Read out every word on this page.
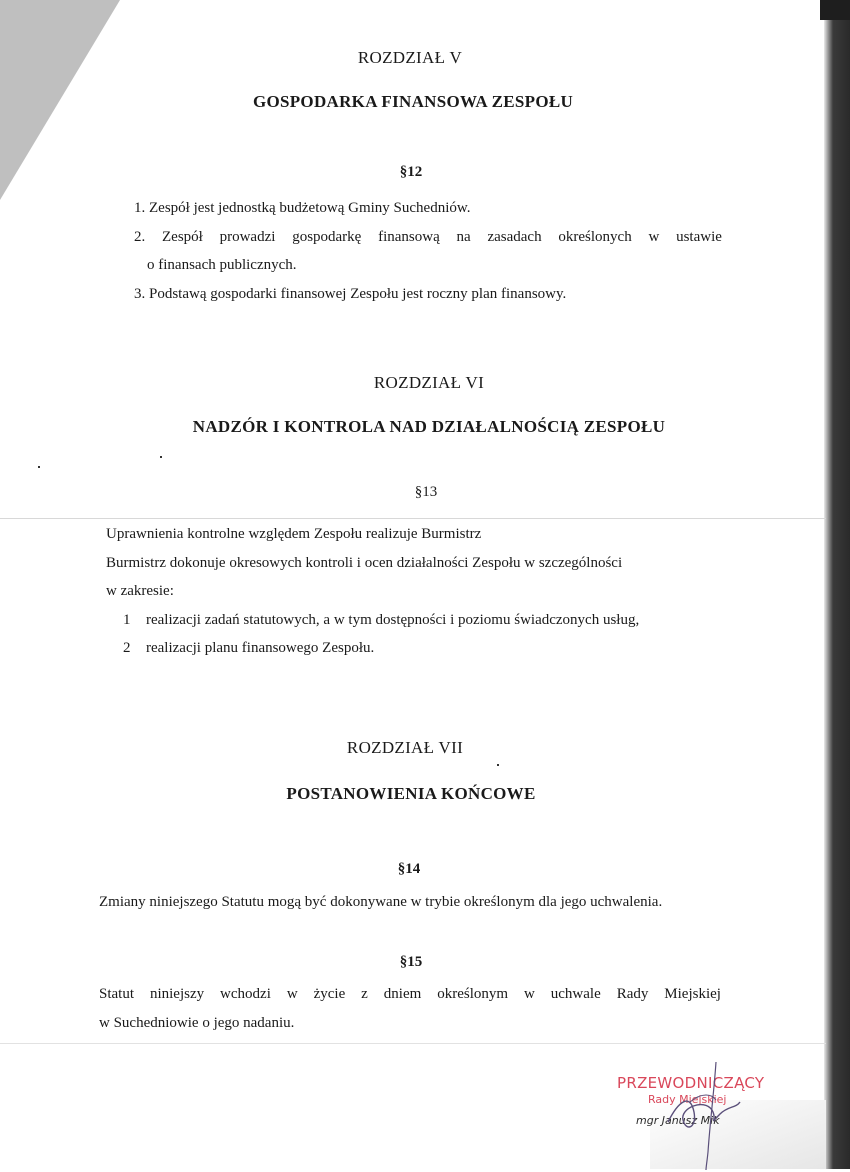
ROZDZIAŁ V
GOSPODARKA FINANSOWA ZESPOŁU
§12
1. Zespół jest jednostką budżetową Gminy Suchedniów.
2. Zespół prowadzi gospodarkę finansową na zasadach określonych w ustawie
o finansach publicznych.
3. Podstawą gospodarki finansowej Zespołu jest roczny plan finansowy.
ROZDZIAŁ VI
NADZÓR I KONTROLA NAD DZIAŁALNOŚCIĄ ZESPOŁU
§13
Uprawnienia kontrolne względem Zespołu realizuje Burmistrz
Burmistrz dokonuje okresowych kontroli i ocen działalności Zespołu w szczególności
w zakresie:
1 realizacji zadań statutowych, a w tym dostępności i poziomu świadczonych usług,
2 realizacji planu finansowego Zespołu.
ROZDZIAŁ VII
POSTANOWIENIA KOŃCOWE
§14
Zmiany niniejszego Statutu mogą być dokonywane w trybie określonym dla jego uchwalenia.
§15
Statut niniejszy wchodzi w życie z dniem określonym w uchwale Rady Miejskiej
w Suchedniowie o jego nadaniu.
PRZEWODNICZĄCY
Rady Miejskiej
mgr Janusz Mik
